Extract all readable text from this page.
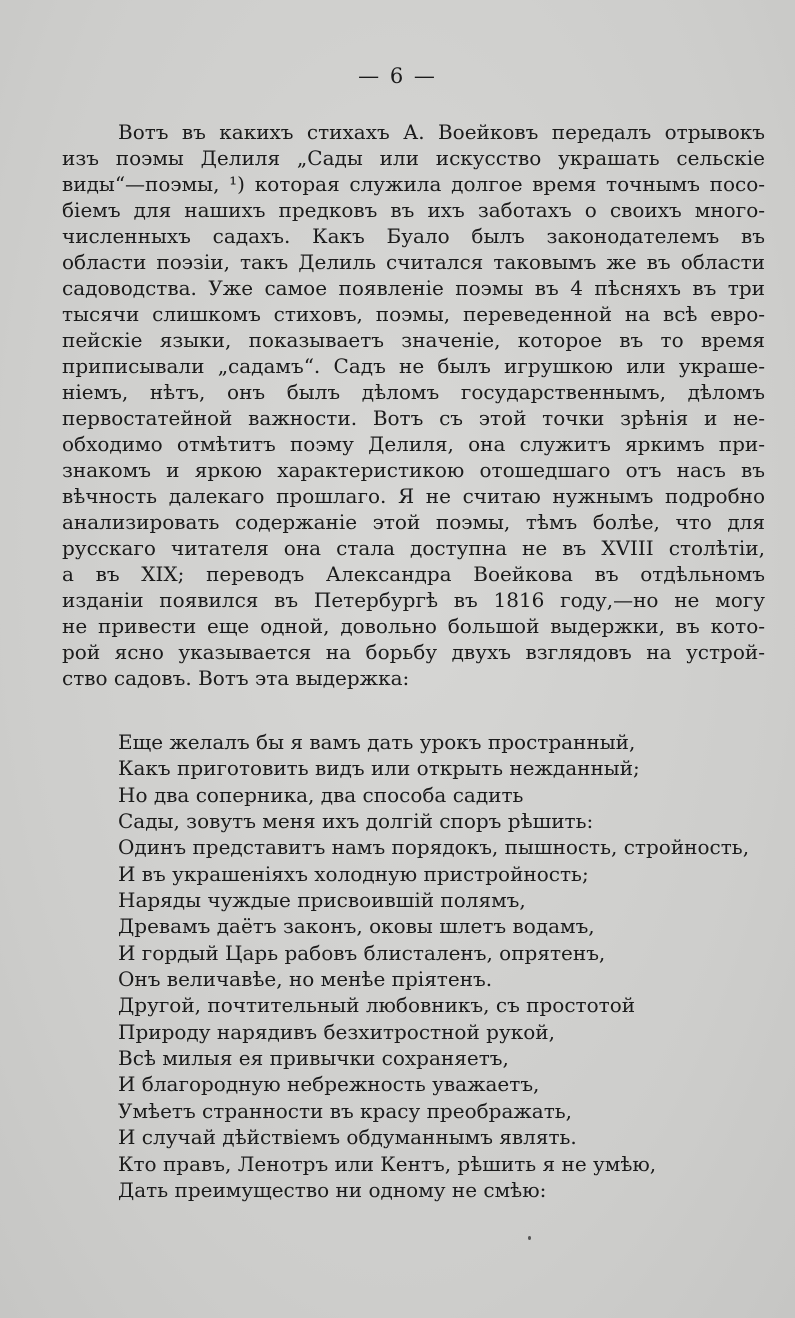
— 6 —
Вотъ въ какихъ стихахъ А. Воейковъ передалъ отрывокъ
изъ поэмы Делиля „Сады или искусство украшать сельскіе
виды“—поэмы, ¹) которая служила долгое время точнымъ посо-
біемъ для нашихъ предковъ въ ихъ заботахъ о своихъ много-
численныхъ садахъ. Какъ Буало былъ законодателемъ въ
области поэзіи, такъ Делиль считался таковымъ же въ области
садоводства. Уже самое появленіе поэмы въ 4 пѣсняхъ въ три
тысячи слишкомъ стиховъ, поэмы, переведенной на всѣ евро-
пейскіе языки, показываетъ значеніе, которое въ то время
приписывали „садамъ“. Садъ не былъ игрушкою или украше-
ніемъ, нѣтъ, онъ былъ дѣломъ государственнымъ, дѣломъ
первостатейной важности. Вотъ съ этой точки зрѣнія и не-
обходимо отмѣтитъ поэму Делиля, она служитъ яркимъ при-
знакомъ и яркою характеристикою отошедшаго отъ насъ въ
вѣчность далекаго прошлаго. Я не считаю нужнымъ подробно
анализировать содержаніе этой поэмы, тѣмъ болѣе, что для
русскаго читателя она стала доступна не въ XVIII столѣтіи,
а въ XIX; переводъ Александра Воейкова въ отдѣльномъ
изданіи появился въ Петербургѣ въ 1816 году,—но не могу
не привести еще одной, довольно большой выдержки, въ кото-
рой ясно указывается на борьбу двухъ взглядовъ на устрой-
ство садовъ. Вотъ эта выдержка:
Еще желалъ бы я вамъ дать урокъ пространный,
Какъ приготовить видъ или открыть нежданный;
Но два соперника, два способа садить
Сады, зовутъ меня ихъ долгій споръ рѣшить:
Одинъ представитъ намъ порядокъ, пышность, стройность,
И въ украшеніяхъ холодную пристройность;
Наряды чуждые присвоившій полямъ,
Древамъ даётъ законъ, оковы шлетъ водамъ,
И гордый Царь рабовъ блисталенъ, опрятенъ,
Онъ величавѣе, но менѣе пріятенъ.
Другой, почтительный любовникъ, съ простотой
Природу нарядивъ безхитростной рукой,
Всѣ милыя ея привычки сохраняетъ,
И благородную небрежность уважаетъ,
Умѣетъ странности въ красу преображать,
И случай дѣйствіемъ обдуманнымъ являть.
Кто правъ, Ленотръ или Кентъ, рѣшить я не умѣю,
Дать преимущество ни одному не смѣю:
